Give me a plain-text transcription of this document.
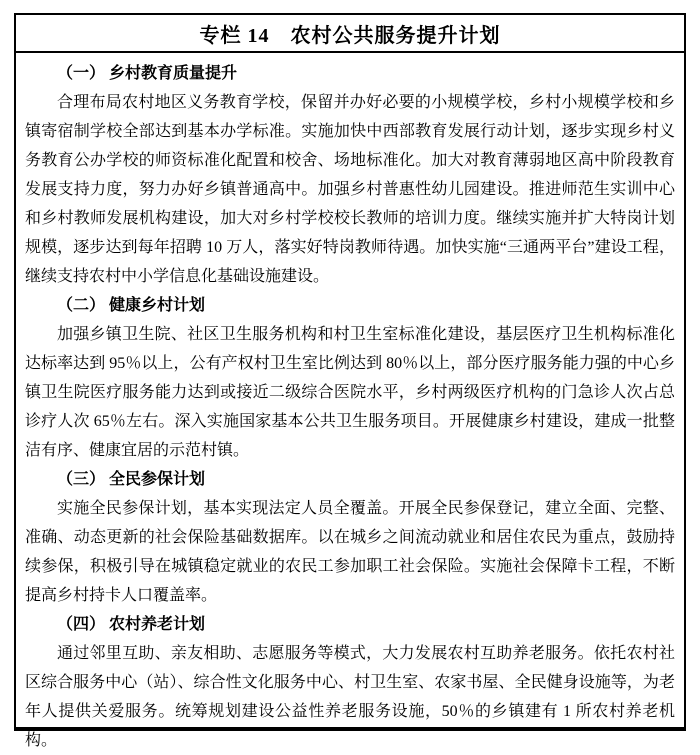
专栏 14　农村公共服务提升计划
（一） 乡村教育质量提升

合理布局农村地区义务教育学校，保留并办好必要的小规模学校，乡村小规模学校和乡镇寄宿制学校全部达到基本办学标准。实施加快中西部教育发展行动计划，逐步实现乡村义务教育公办学校的师资标准化配置和校舍、场地标准化。加大对教育薄弱地区高中阶段教育发展支持力度，努力办好乡镇普通高中。加强乡村普惠性幼儿园建设。推进师范生实训中心和乡村教师发展机构建设，加大对乡村学校校长教师的培训力度。继续实施并扩大特岗计划规模，逐步达到每年招聘 10 万人，落实好特岗教师待遇。加快实施“三通两平台”建设工程，继续支持农村中小学信息化基础设施建设。

（二） 健康乡村计划

加强乡镇卫生院、社区卫生服务机构和村卫生室标准化建设，基层医疗卫生机构标准化达标率达到 95％以上，公有产权村卫生室比例达到 80％以上，部分医疗服务能力强的中心乡镇卫生院医疗服务能力达到或接近二级综合医院水平，乡村两级医疗机构的门急诊人次占总诊疗人次 65％左右。深入实施国家基本公共卫生服务项目。开展健康乡村建设，建成一批整洁有序、健康宜居的示范村镇。

（三） 全民参保计划

实施全民参保计划，基本实现法定人员全覆盖。开展全民参保登记，建立全面、完整、准确、动态更新的社会保险基础数据库。以在城乡之间流动就业和居住农民为重点，鼓励持续参保，积极引导在城镇稳定就业的农民工参加职工社会保险。实施社会保障卡工程，不断提高乡村持卡人口覆盖率。

（四） 农村养老计划

通过邻里互助、亲友相助、志愿服务等模式，大力发展农村互助养老服务。依托农村社区综合服务中心（站）、综合性文化服务中心、村卫生室、农家书屋、全民健身设施等，为老年人提供关爱服务。统筹规划建设公益性养老服务设施，50％的乡镇建有 1 所农村养老机构。
